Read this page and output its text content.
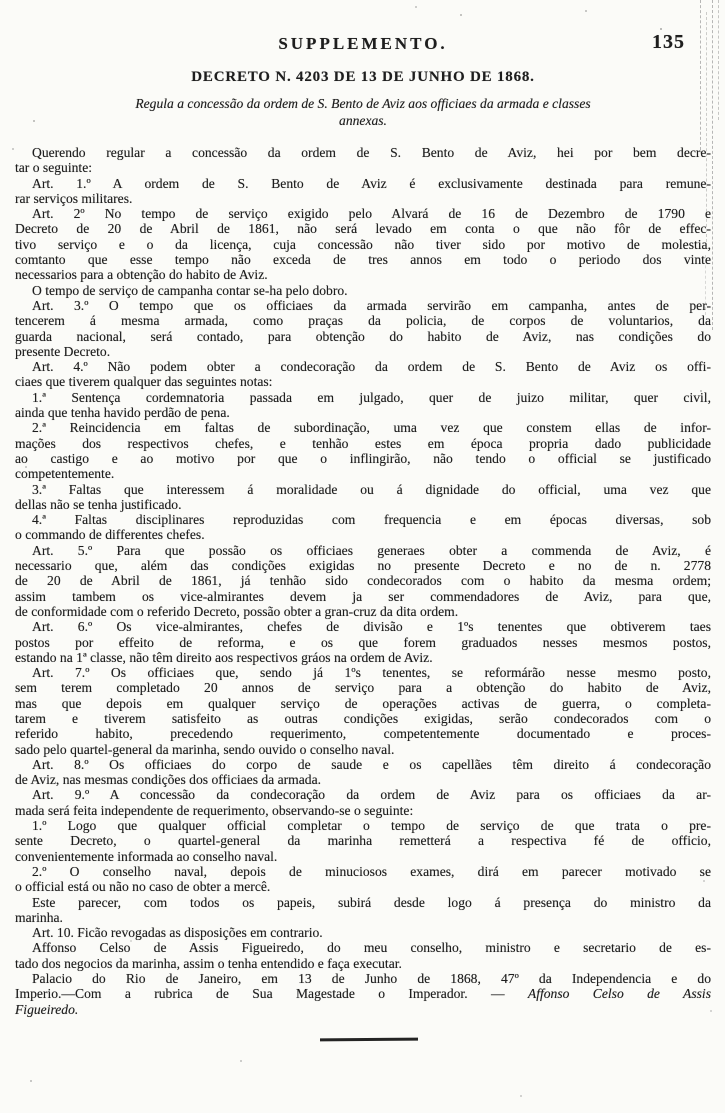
SUPPLEMENTO.	135
DECRETO N. 4203 DE 13 DE JUNHO DE 1868.
Regula a concessão da ordem de S. Bento de Aviz aos officiaes da armada e classes
annexas.

Querendo regular a concessão da ordem de S. Bento de Aviz, hei por bem decre-
tar o seguinte:

Art. 1.º A ordem de S. Bento de Aviz é exclusivamente destinada para remune-
rar serviços militares.

Art. 2º No tempo de serviço exigido pelo Alvará de 16 de Dezembro de 1790 e
Decreto de 20 de Abril de 1861, não será levado em conta o que não fôr de effec-
tivo serviço e o da licença, cuja concessão não tiver sido por motivo de molestia,
comtanto que esse tempo não exceda de tres annos em todo o periodo dos vinte
necessarios para a obtenção do habito de Aviz.

O tempo de serviço de campanha contar se-ha pelo dobro.

Art. 3.º O tempo que os officiaes da armada servirão em campanha, antes de per-
tencerem á mesma armada, como praças da policia, de corpos de voluntarios, da
guarda nacional, será contado, para obtenção do habito de Aviz, nas condições do
presente Decreto.

Art. 4.º Não podem obter a condecoração da ordem de S. Bento de Aviz os offi-
ciaes que tiverem qualquer das seguintes notas:

1.ª Sentença cordemnatoria passada em julgado, quer de juizo militar, quer civil,
ainda que tenha havido perdão de pena.

2.ª Reincidencia em faltas de subordinação, uma vez que constem ellas de infor-
mações dos respectivos chefes, e tenhão estes em época propria dado publicidade
ao castigo e ao motivo por que o inflingirão, não tendo o official se justificado
competentemente.

3.ª Faltas que interessem á moralidade ou á dignidade do official, uma vez que
dellas não se tenha justificado.

4.ª Faltas disciplinares reproduzidas com frequencia e em épocas diversas, sob
o commando de differentes chefes.

Art. 5.º Para que possão os officiaes generaes obter a commenda de Aviz, é
necessario que, além das condições exigidas no presente Decreto e no de n. 2778
de 20 de Abril de 1861, já tenhão sido condecorados com o habito da mesma ordem;
assim tambem os vice-almirantes devem ja ser commendadores de Aviz, para que,
de conformidade com o referido Decreto, possão obter a gran-cruz da dita ordem.

Art. 6.º Os vice-almirantes, chefes de divisão e 1ºs tenentes que obtiverem taes
postos por effeito de reforma, e os que forem graduados nesses mesmos postos,
estando na 1ª classe, não têm direito aos respectivos gráos na ordem de Aviz.

Art. 7.º Os officiaes que, sendo já 1ºs tenentes, se reformárão nesse mesmo posto,
sem terem completado 20 annos de serviço para a obtenção do habito de Aviz,
mas que depois em qualquer serviço de operações activas de guerra, o completa-
tarem e tiverem satisfeito as outras condições exigidas, serão condecorados com o
referido habito, precedendo requerimento, competentemente documentado e proces-
sado pelo quartel-general da marinha, sendo ouvido o conselho naval.

Art. 8.º Os officiaes do corpo de saude e os capellães têm direito á condecoração
de Aviz, nas mesmas condições dos officiaes da armada.

Art. 9.º A concessão da condecoração da ordem de Aviz para os officiaes da ar-
mada será feita independente de requerimento, observando-se o seguinte:

1.º Logo que qualquer official completar o tempo de serviço de que trata o pre-
sente Decreto, o quartel-general da marinha remetterá a respectiva fé de officio,
convenientemente informada ao conselho naval.

2.º O conselho naval, depois de minuciosos exames, dirá em parecer motivado se
o official está ou não no caso de obter a mercê.

Este parecer, com todos os papeis, subirá desde logo á presença do ministro da
marinha.

Art. 10. Ficão revogadas as disposições em contrario.

Affonso Celso de Assis Figueiredo, do meu conselho, ministro e secretario de es-
tado dos negocios da marinha, assim o tenha entendido e faça executar.

Palacio do Rio de Janeiro, em 13 de Junho de 1868, 47º da Independencia e do
Imperio.—Com a rubrica de Sua Magestade o Imperador. — Affonso Celso de Assis
Figueiredo.
